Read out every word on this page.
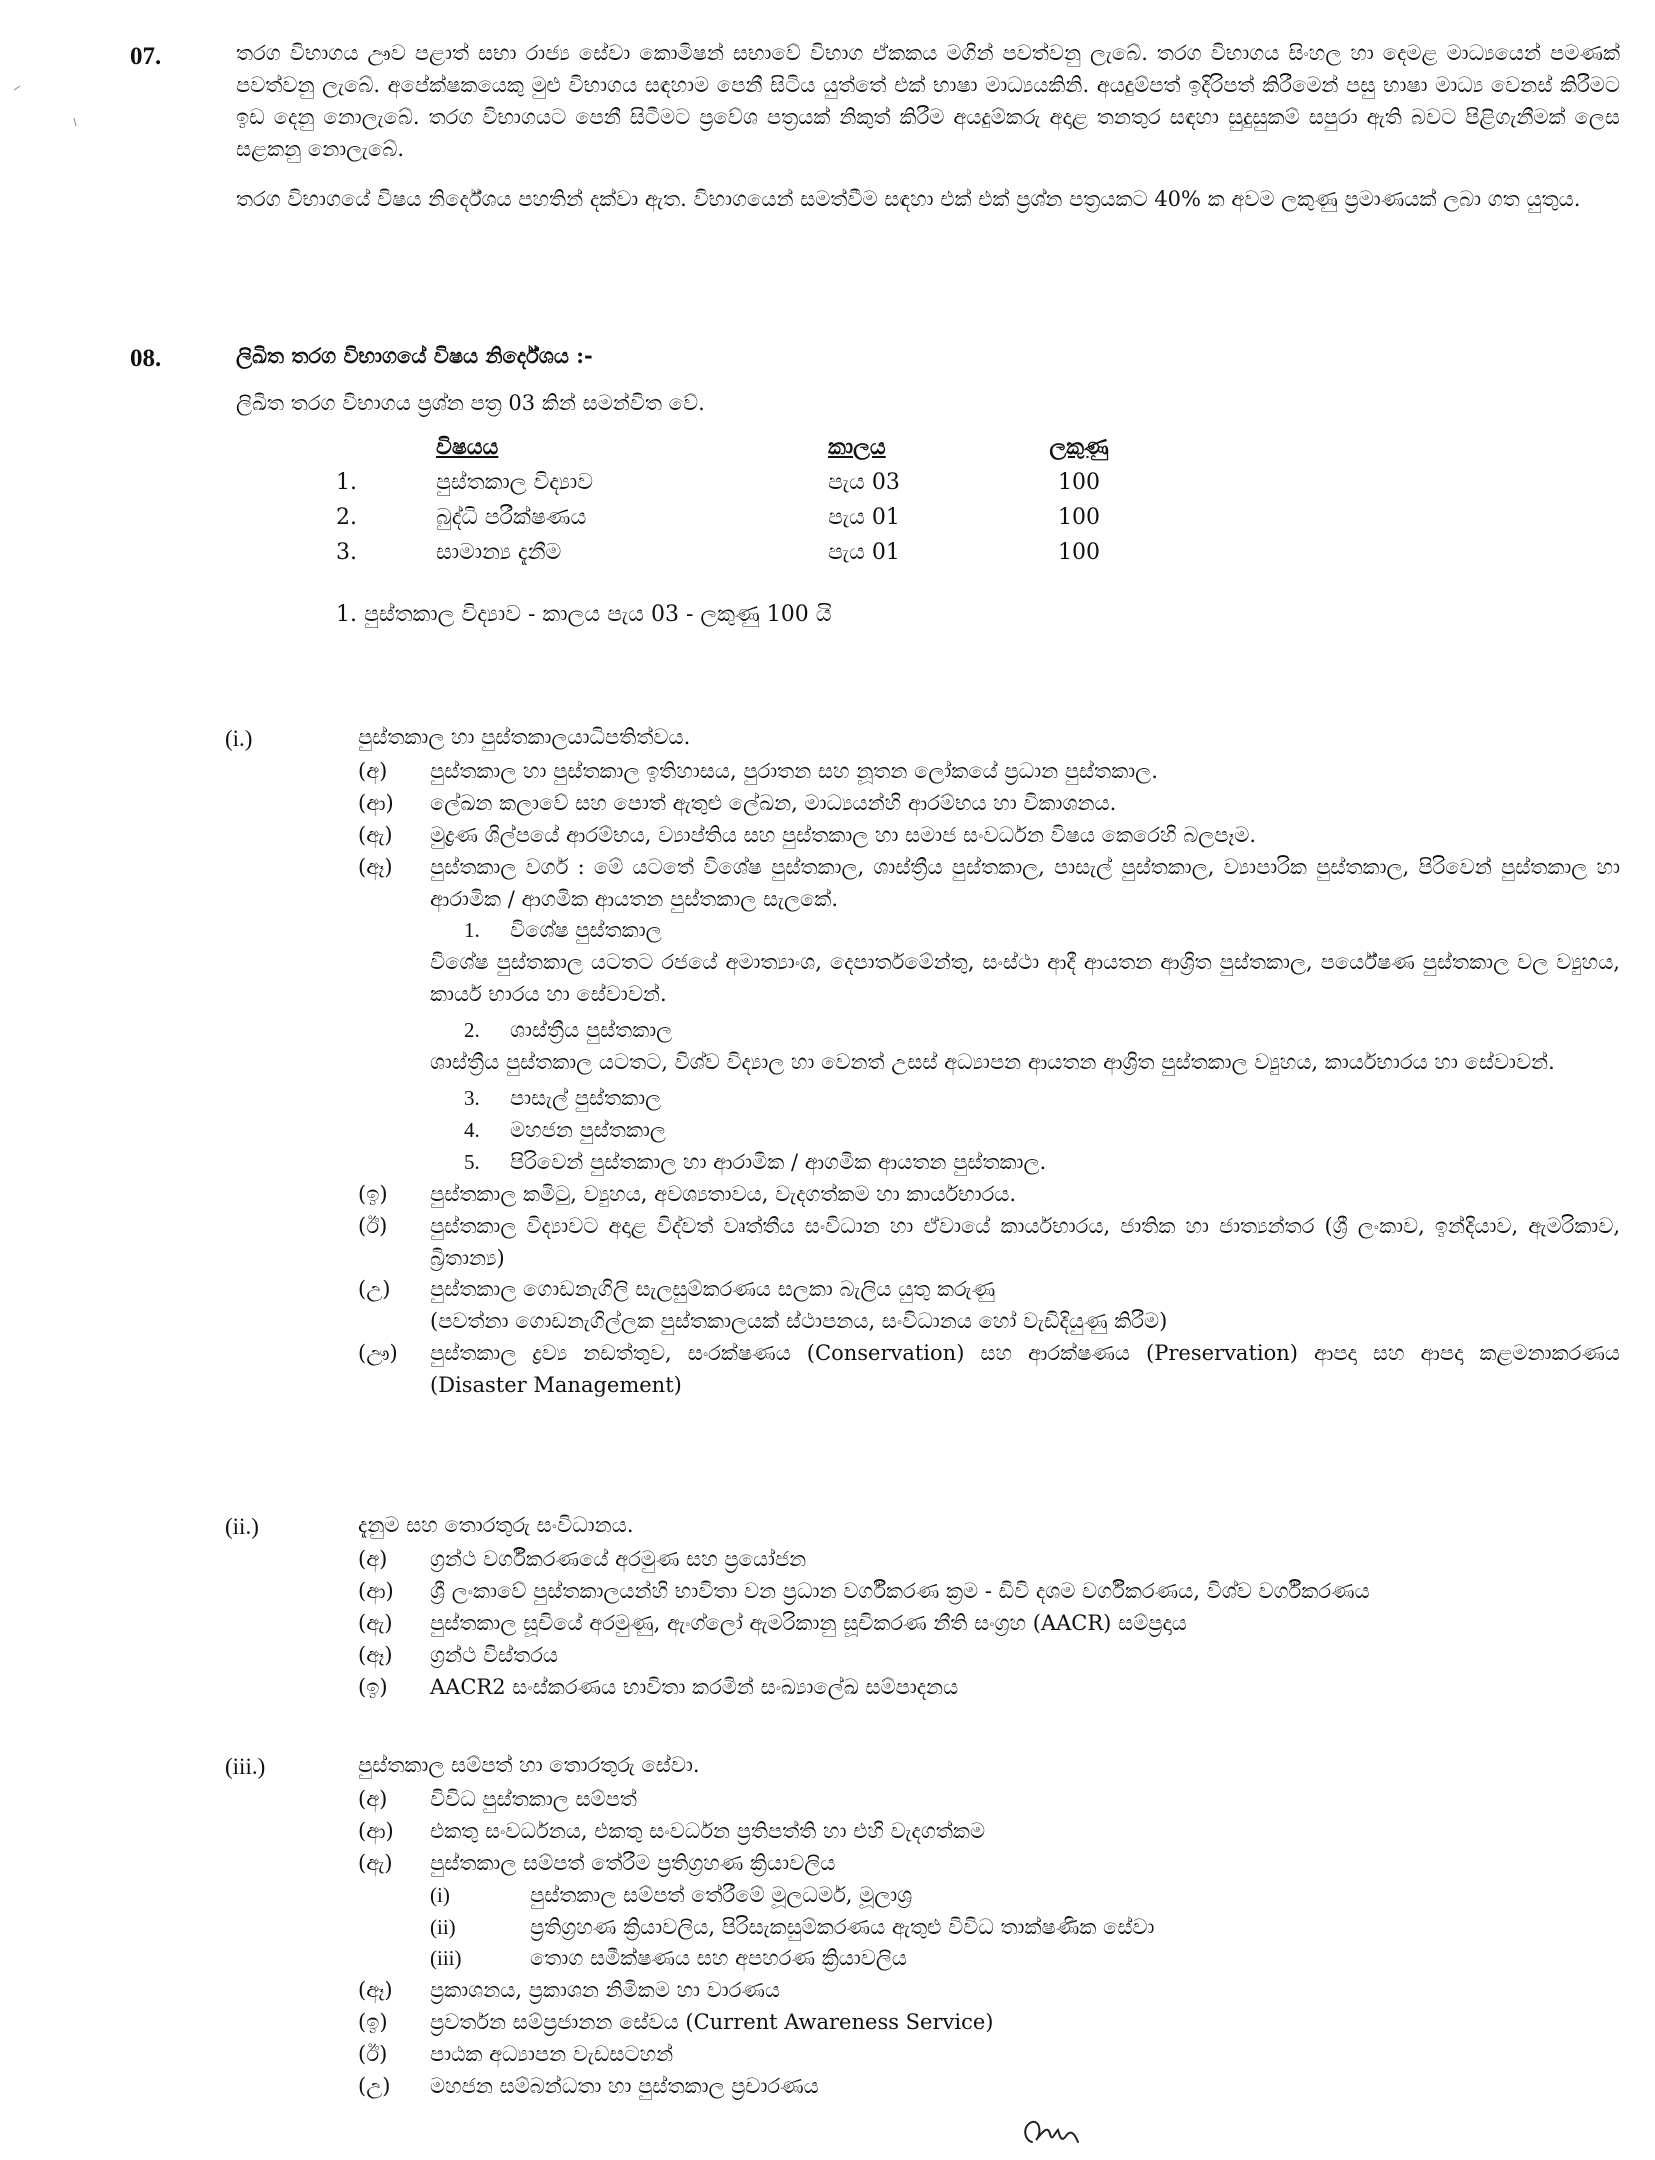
07.	තරග විභාගය ඌව පළාත් සභා රාජ්‍ය සේවා කොමිෂන් සභාවේ විභාග ඒකකය මගින් පවත්වනු ලැබේ. තරග විභාගය සිංහල හා දෙමළ මාධ්‍යයෙන් පමණක් පවත්වනු ලැබේ. අපේක්ෂකයෙකු මුළු විභාගය සඳහාම පෙනී සිටිය යුත්තේ එක් භාෂා මාධ්‍යයකිනි. අයදුම්පත් ඉදිරිපත් කිරීමෙන් පසු භාෂා මාධ්‍ය වෙනස් කිරීමට ඉඩ දෙනු නොලැබේ. තරග විභාගයට පෙනී සිටීමට ප්‍රවේශ පත්‍රයක් නිකුත් කිරීම අයදුම්කරු අදාළ තනතුර සඳහා සුදුසුකම් සපුරා ඇති බවට පිළිගැනීමක් ලෙස සළකනු නොලැබේ.

තරග විභාගයේ විෂය නිර්දේශය පහතින් දක්වා ඇත. විභාගයෙන් සමත්වීම සඳහා එක් එක් ප්‍රශ්න පත්‍රයකට 40% ක අවම ලකුණු ප්‍රමාණයක් ලබා ගත යුතුය.

08.	ලිඛිත තරග විභාගයේ විෂය නිර්දේශය :-

ලිඛිත තරග විභාගය ප්‍රශ්න පත්‍ර 03 කින් සමන්විත වේ.

	විෂයය	කාලය	ලකුණු
1.	පුස්තකාල විද්‍යාව	පැය 03	100
2.	බුද්ධි පරීක්ෂණය	පැය 01	100
3.	සාමාන්‍ය දැනීම	පැය 01	100
1. පුස්තකාල විද්‍යාව - කාලය පැය 03 - ලකුණු 100 යි
(i.)	පුස්තකාල හා පුස්තකාලයාධිපතිත්වය.
(අ) පුස්තකාල හා පුස්තකාල ඉතිහාසය, පුරාතන සහ නූතන ලෝකයේ ප්‍රධාන පුස්තකාල.
(ආ) ලේඛන කලාවේ සහ පොත් ඇතුළු ලේඛන, මාධ්‍යයන්හි ආරම්භය හා විකාශනය.
(ඇ) මුද්‍රණ ශිල්පයේ ආරම්භය, ව්‍යාප්තිය සහ පුස්තකාල හා සමාජ සංවර්ධන විෂය කෙරෙහි බලපෑම.
(ඈ) පුස්තකාල වර්ග : මේ යටතේ විශේෂ පුස්තකාල, ශාස්ත්‍රීය පුස්තකාල, පාසැල් පුස්තකාල, ව්‍යාපාරික පුස්තකාල, පිරිවෙන් පුස්තකාල හා ආරාමික / ආගමික ආයතන පුස්තකාල සැලකේ.
1. විශේෂ පුස්තකාල
විශේෂ පුස්තකාල යටතට රජයේ අමාත්‍යාංශ, දෙපාර්තමේන්තු, සංස්ථා ආදී ආයතන ආශ්‍රිත පුස්තකාල, පර්යේෂණ පුස්තකාල වල ව්‍යුහය, කාර්ය භාරය හා සේවාවන්.
2. ශාස්ත්‍රීය පුස්තකාල
ශාස්ත්‍රීය පුස්තකාල යටතට, විශ්ව විද්‍යාල හා වෙනත් උසස් අධ්‍යාපන ආයතන ආශ්‍රිත පුස්තකාල ව්‍යුහය, කාර්යභාරය හා සේවාවන්.
3. පාසැල් පුස්තකාල
4. මහජන පුස්තකාල
5. පිරිවෙන් පුස්තකාල හා ආරාමික / ආගමික ආයතන පුස්තකාල.
(ඉ) පුස්තකාල කමිටු, ව්‍යුහය, අවශ්‍යතාවය, වැදගත්කම හා කාර්යභාරය.
(ඊ) පුස්තකාල විද්‍යාවට අදාළ විද්වත් වෘත්තීය සංවිධාන හා ඒවායේ කාර්යභාරය, ජාතික හා ජාත්‍යන්තර (ශ්‍රී ලංකාව, ඉන්දියාව, ඇමරිකාව, බ්‍රිතාන්‍ය)
(උ) පුස්තකාල ගොඩනැගිලි සැලසුම්කරණය සලකා බැලිය යුතු කරුණු
(පවත්නා ගොඩනැගිල්ලක පුස්තකාලයක් ස්ථාපනය, සංවිධානය හෝ වැඩිදියුණු කිරීම)
(ඌ) පුස්තකාල ද්‍රව්‍ය නඩත්තුව, සංරක්ෂණය (Conservation) සහ ආරක්ෂණය (Preservation) ආපදා සහ ආපදා කළමනාකරණය (Disaster Management)
(ii.)	දැනුම සහ තොරතුරු සංවිධානය.
(අ) ග්‍රන්ථ වර්ගීකරණයේ අරමුණ සහ ප්‍රයෝජන
(ආ) ශ්‍රී ලංකාවේ පුස්තකාලයන්හි භාවිතා වන ප්‍රධාන වර්ගීකරණ ක්‍රම - ඩිවි දශම වර්ගීකරණය, විශ්ව වර්ගීකරණය
(ඇ) පුස්තකාල සූචියේ අරමුණු, ඇංග්ලෝ ඇමරිකානු සූචිකරණ නීති සංග්‍රහ (AACR) සම්ප්‍රදාය
(ඈ) ග්‍රන්ථ විස්තරය
(ඉ) AACR2 සංස්කරණය භාවිතා කරමින් සංඛ්‍යාලේඛ සම්පාදනය
(iii.)	පුස්තකාල සම්පත් හා තොරතුරු සේවා.
(අ) විවිධ පුස්තකාල සම්පත්
(ආ) එකතු සංවර්ධනය, එකතු සංවර්ධන ප්‍රතිපත්ති හා එහි වැදගත්කම
(ඇ) පුස්තකාල සම්පත් තේරීම ප්‍රතිග්‍රහණ ක්‍රියාවලිය
(i)	පුස්තකාල සම්පත් තේරීමේ මූලධර්ම, මූලාශ්‍ර
(ii)	ප්‍රතිග්‍රහණ ක්‍රියාවලිය, පිරිසැකසුම්කරණය ඇතුළු විවිධ තාක්ෂණික සේවා
(iii)	තොග සමීක්ෂණය සහ අපහරණ ක්‍රියාවලිය
(ඈ) ප්‍රකාශනය, ප්‍රකාශන නිමිකම හා වාරණය
(ඉ) ප්‍රවර්තන සම්ප්‍රජානන සේවය (Current Awareness Service)
(ඊ) පාඨක අධ්‍යාපන වැඩසටහන්
(උ) මහජන සම්බන්ධතා හා පුස්තකාල ප්‍රචාරණය
